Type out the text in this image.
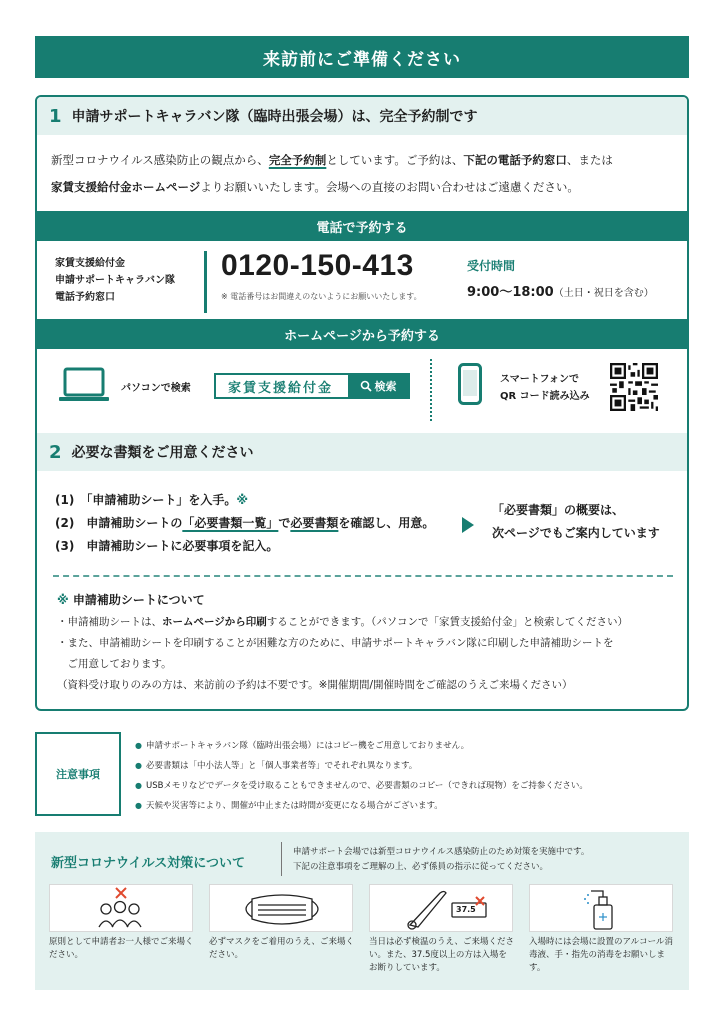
来訪前にご準備ください
1 申請サポートキャラバン隊（臨時出張会場）は、完全予約制です
新型コロナウイルス感染防止の観点から、完全予約制としています。ご予約は、下記の電話予約窓口、または
家賃支援給付金ホームページよりお願いいたします。会場への直接のお問い合わせはご遠慮ください。
電話で予約する
家賃支援給付金
申請サポートキャラバン隊
電話予約窓口
0120-150-413
※ 電話番号はお間違えのないようにお願いいたします。
受付時間
9:00〜18:00（土日・祝日を含む）
ホームページから予約する
パソコンで検索	家賃支援給付金	検索
スマートフォンで
QR コード読み込み
2 必要な書類をご用意ください
(1)　「申請補助シート」を入手。※
(2)　申請補助シートの「必要書類一覧」で必要書類を確認し、用意。
(3)　申請補助シートに必要事項を記入。
「必要書類」の概要は、
次ページでもご案内しています
※ 申請補助シートについて
・申請補助シートは、ホームページから印刷することができます。（パソコンで「家賃支援給付金」と検索してください）
・また、申請補助シートを印刷することが困難な方のために、申請サポートキャラバン隊に印刷した申請補助シートを
　ご用意しております。
（資料受け取りのみの方は、来訪前の予約は不要です。※開催期間/開催時間をご確認のうえご来場ください）
注意事項
● 申請サポートキャラバン隊（臨時出張会場）にはコピー機をご用意しておりません。
● 必要書類は「中小法人等」と「個人事業者等」でそれぞれ異なります。
● USBメモリなどでデータを受け取ることもできませんので、必要書類のコピー（できれば現物）をご持参ください。
● 天候や災害等により、開催が中止または時間が変更になる場合がございます。
新型コロナウイルス対策について
申請サポート会場では新型コロナウイルス感染防止のため対策を実施中です。
下記の注意事項をご理解の上、必ず係員の指示に従ってください。
37.5
原則として申請者お一人様でご来場ください。
必ずマスクをご着用のうえ、ご来場ください。
当日は必ず検温のうえ、ご来場ください。また、37.5度以上の方は入場をお断りしています。
入場時には会場に設置のアルコール消毒液、手・指先の消毒をお願いします。
